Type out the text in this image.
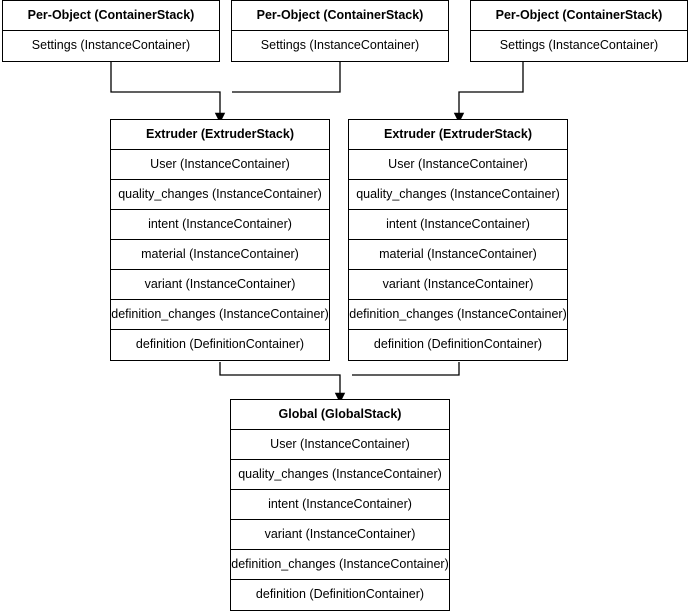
Per-Object (ContainerStack)
Settings (InstanceContainer)
Per-Object (ContainerStack)
Settings (InstanceContainer)
Per-Object (ContainerStack)
Settings (InstanceContainer)
Extruder (ExtruderStack)
User (InstanceContainer)
quality_changes (InstanceContainer)
intent (InstanceContainer)
material (InstanceContainer)
variant (InstanceContainer)
definition_changes (InstanceContainer)
definition (DefinitionContainer)
Extruder (ExtruderStack)
User (InstanceContainer)
quality_changes (InstanceContainer)
intent (InstanceContainer)
material (InstanceContainer)
variant (InstanceContainer)
definition_changes (InstanceContainer)
definition (DefinitionContainer)
Global (GlobalStack)
User (InstanceContainer)
quality_changes (InstanceContainer)
intent (InstanceContainer)
variant (InstanceContainer)
definition_changes (InstanceContainer)
definition (DefinitionContainer)
